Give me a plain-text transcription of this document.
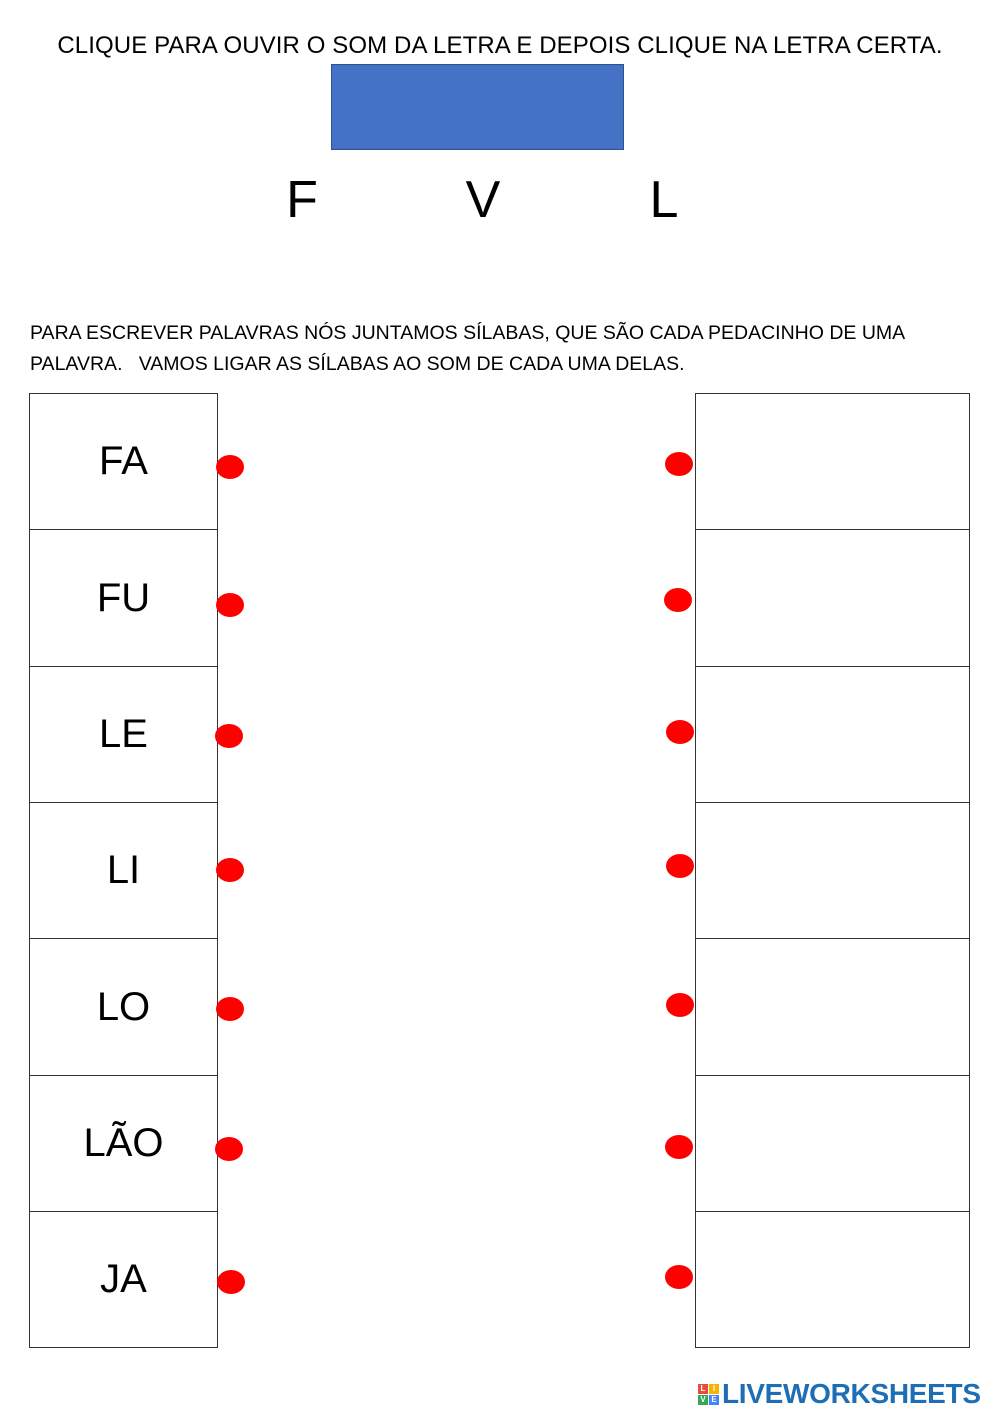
CLIQUE PARA OUVIR O SOM DA LETRA E DEPOIS CLIQUE NA LETRA CERTA.
F	V	L
PARA ESCREVER PALAVRAS NÓS JUNTAMOS SÍLABAS, QUE SÃO CADA PEDACINHO DE UMA
PALAVRA.   VAMOS LIGAR AS SÍLABAS AO SOM DE CADA UMA DELAS.
FA
FU
LE
LI
LO
LÃO
JA
L I
V E LIVEWORKSHEETS
